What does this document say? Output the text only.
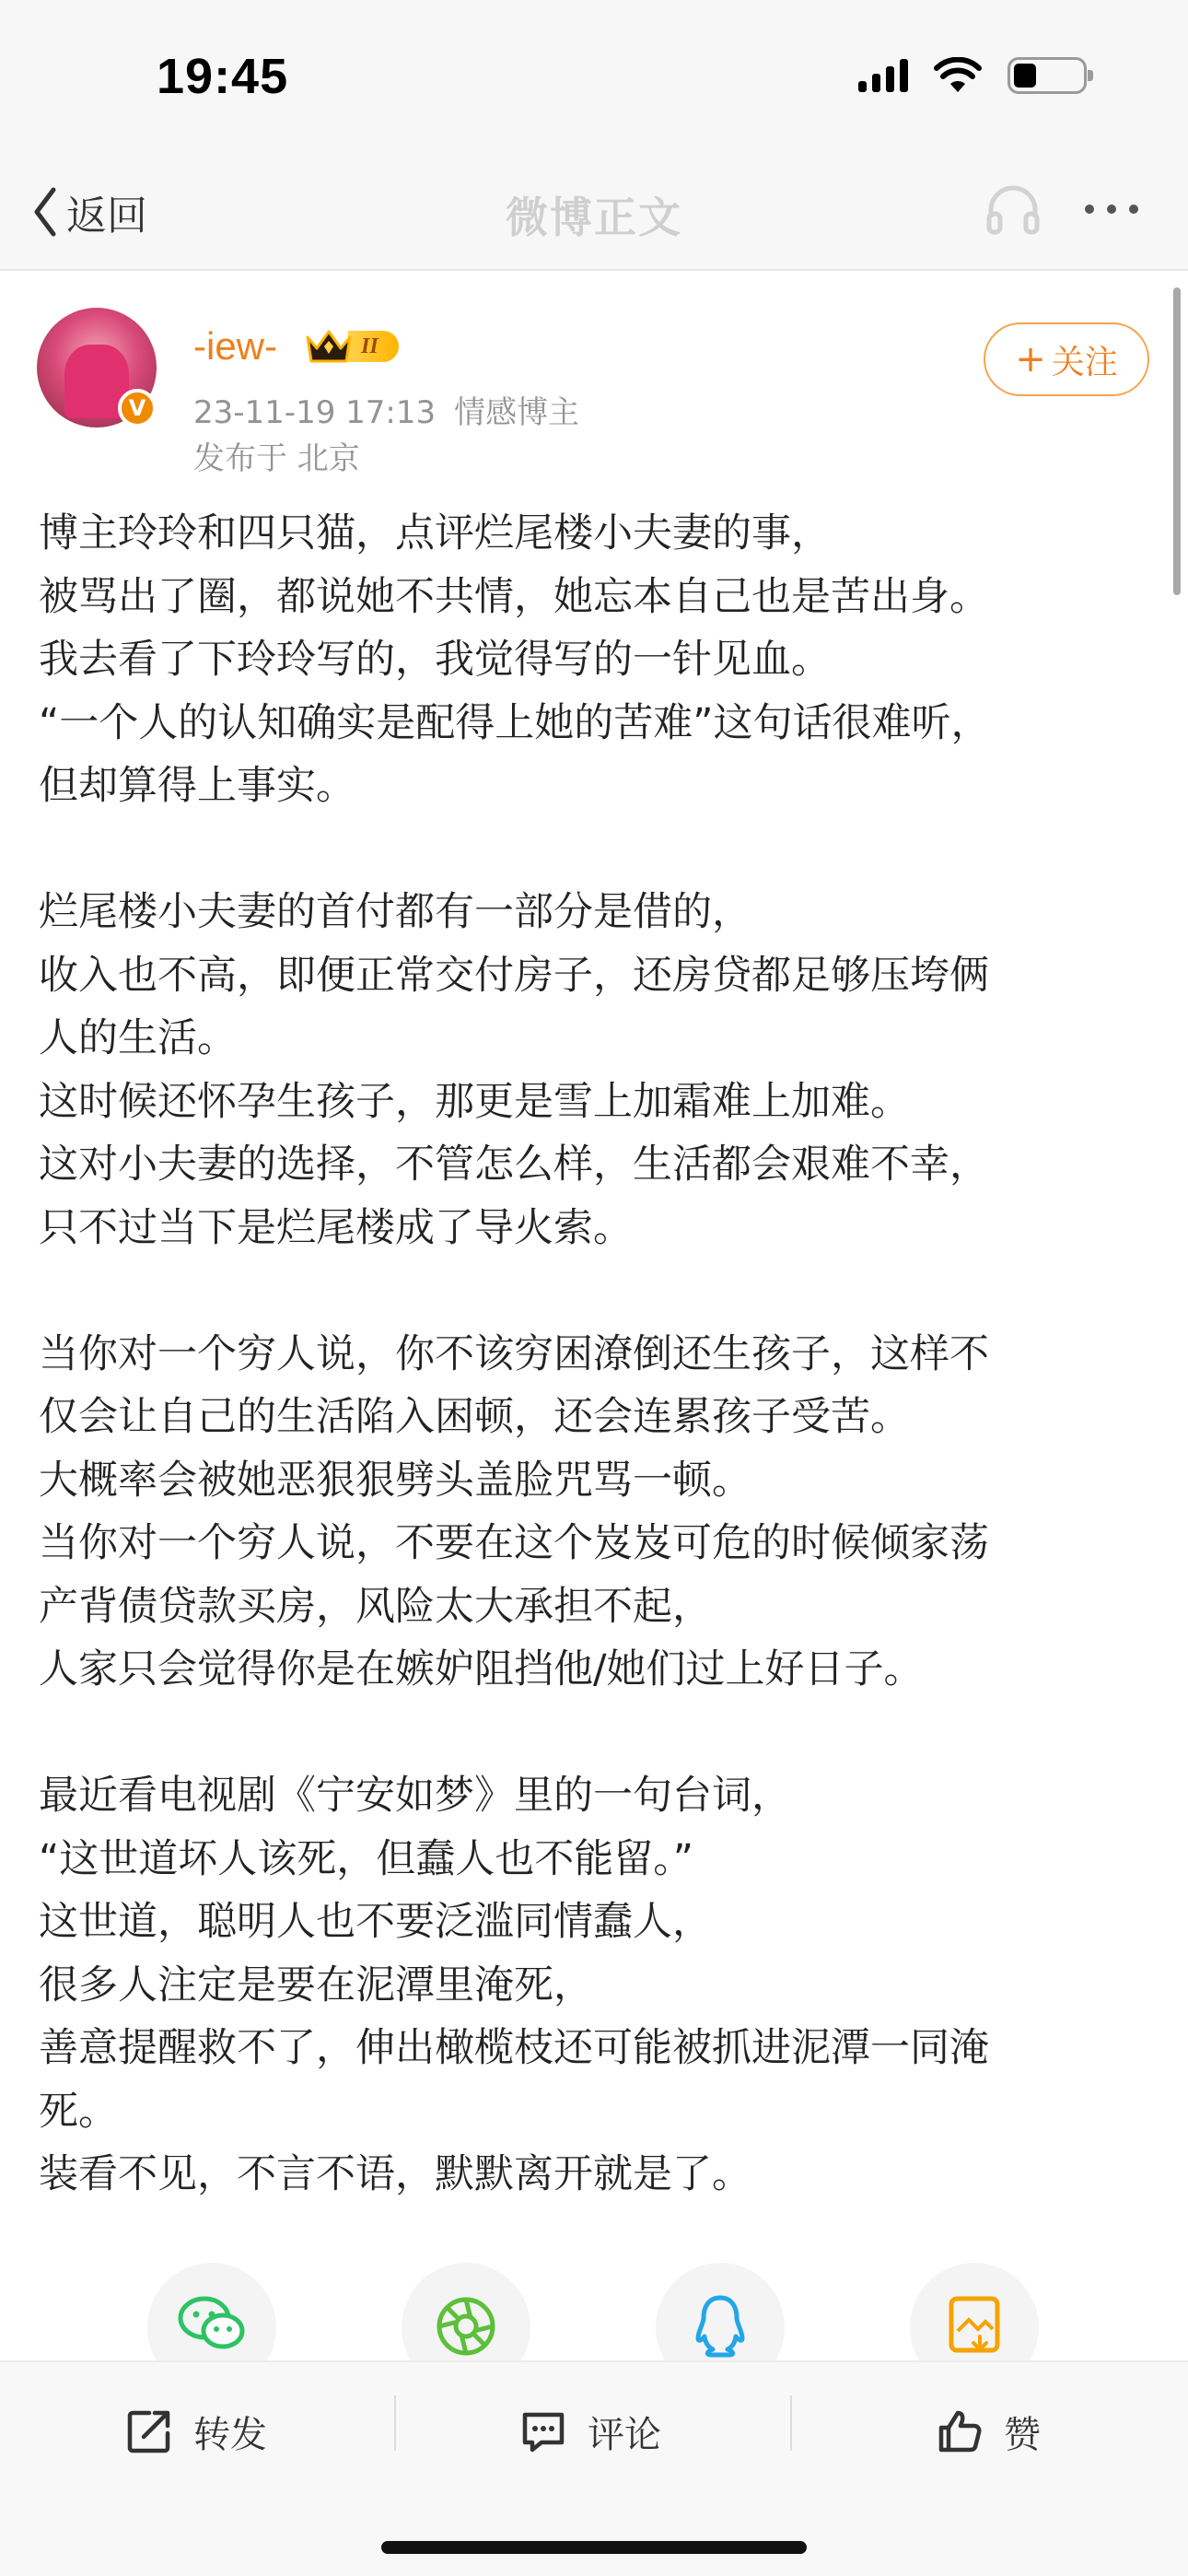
19:45
返回	微博正文
V
-iew-	II
23-11-19 17:13 情感博主
发布于 北京
+ 关注
博主玲玲和四只猫，点评烂尾楼小夫妻的事，
被骂出了圈，都说她不共情，她忘本自己也是苦出身。
我去看了下玲玲写的，我觉得写的一针见血。
“一个人的认知确实是配得上她的苦难”这句话很难听，
但却算得上事实。
烂尾楼小夫妻的首付都有一部分是借的，
收入也不高，即便正常交付房子，还房贷都足够压垮俩
人的生活。
这时候还怀孕生孩子，那更是雪上加霜难上加难。
这对小夫妻的选择，不管怎么样，生活都会艰难不幸，
只不过当下是烂尾楼成了导火索。
当你对一个穷人说，你不该穷困潦倒还生孩子，这样不
仅会让自己的生活陷入困顿，还会连累孩子受苦。
大概率会被她恶狠狠劈头盖脸咒骂一顿。
当你对一个穷人说，不要在这个岌岌可危的时候倾家荡
产背债贷款买房，风险太大承担不起，
人家只会觉得你是在嫉妒阻挡他/她们过上好日子。
最近看电视剧《宁安如梦》里的一句台词，
“这世道坏人该死，但蠢人也不能留。”
这世道，聪明人也不要泛滥同情蠢人，
很多人注定是要在泥潭里淹死，
善意提醒救不了，伸出橄榄枝还可能被抓进泥潭一同淹
死。
装看不见，不言不语，默默离开就是了。
转发	评论	赞
